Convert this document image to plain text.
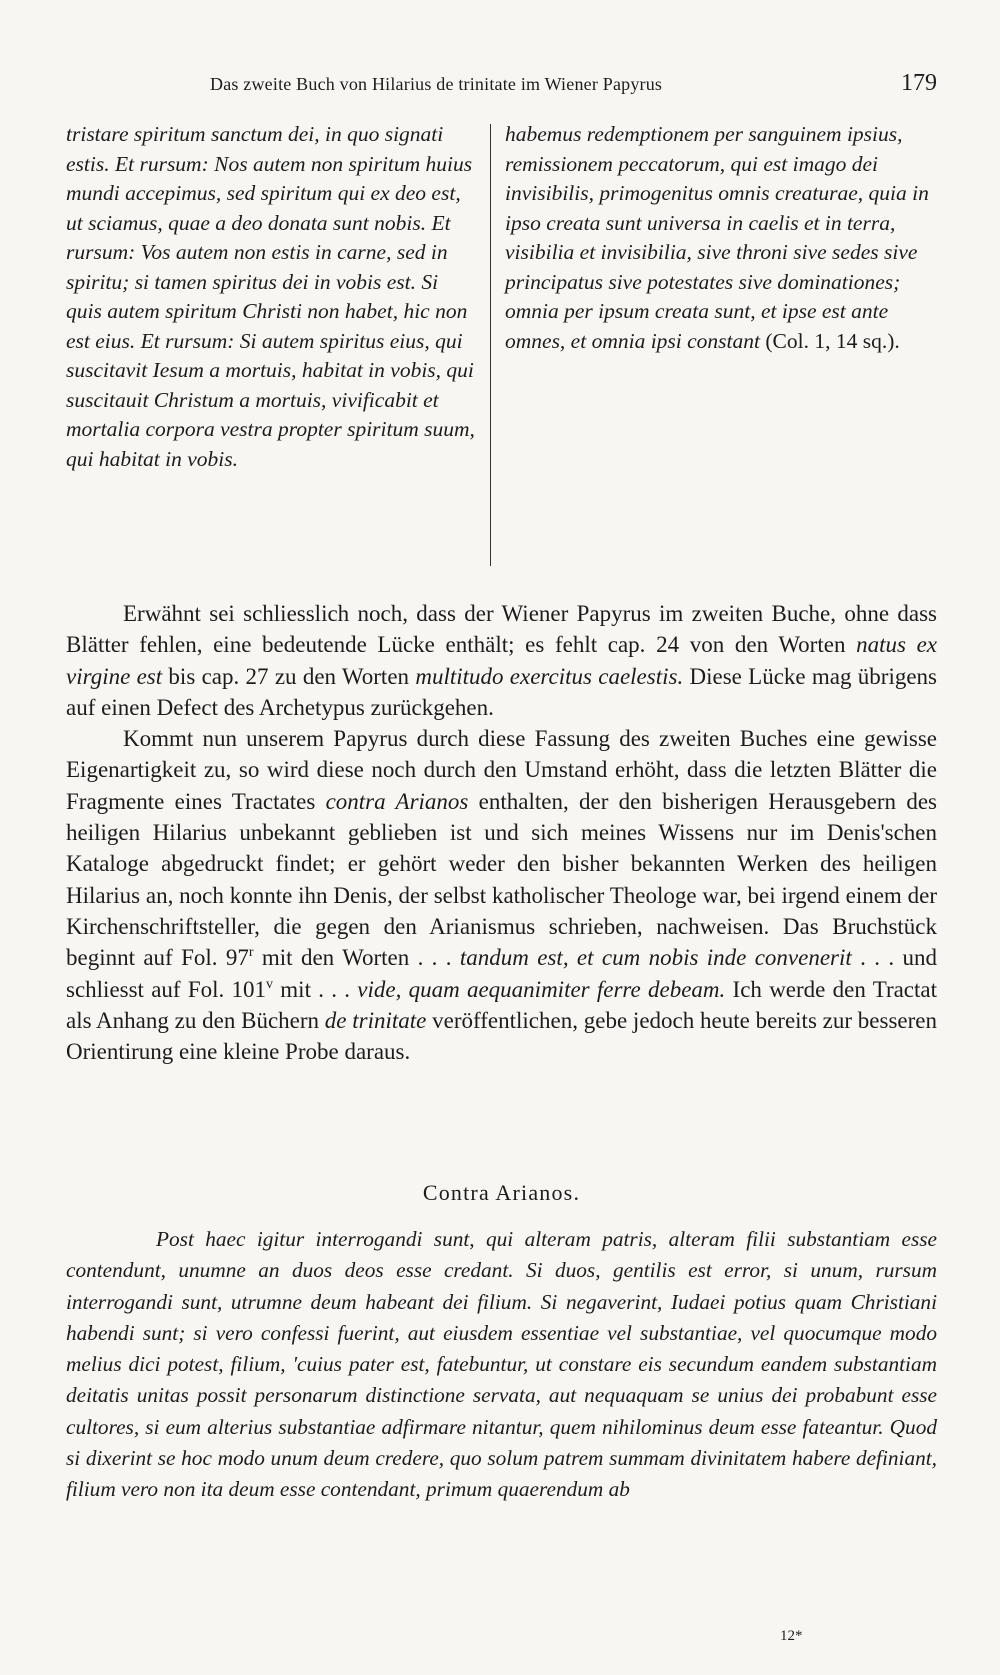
Das zweite Buch von Hilarius de trinitate im Wiener Papyrus	179

tristare spiritum sanctum dei, in quo signati estis. Et rursum: Nos autem non spiritum huius mundi accepimus, sed spiritum qui ex deo est, ut sciamus, quae a deo donata sunt nobis. Et rursum: Vos autem non estis in carne, sed in spiritu; si tamen spiritus dei in vobis est. Si quis autem spiritum Christi non habet, hic non est eius. Et rursum: Si autem spiritus eius, qui suscitavit Iesum a mortuis, habitat in vobis, qui suscitauit Christum a mortuis, vivificabit et mortalia corpora vestra propter spiritum suum, qui habitat in vobis.

habemus redemptionem per sanguinem ipsius, remissionem peccatorum, qui est imago dei invisibilis, primogenitus omnis creaturae, quia in ipso creata sunt universa in caelis et in terra, visibilia et invisibilia, sive throni sive sedes sive principatus sive potestates sive dominationes; omnia per ipsum creata sunt, et ipse est ante omnes, et omnia ipsi constant (Col. 1, 14 sq.).

Erwähnt sei schliesslich noch, dass der Wiener Papyrus im zweiten Buche, ohne dass Blätter fehlen, eine bedeutende Lücke enthält; es fehlt cap. 24 von den Worten natus ex virgine est bis cap. 27 zu den Worten multitudo exercitus caelestis. Diese Lücke mag übrigens auf einen Defect des Archetypus zurückgehen.

Kommt nun unserem Papyrus durch diese Fassung des zweiten Buches eine gewisse Eigenartigkeit zu, so wird diese noch durch den Umstand erhöht, dass die letzten Blätter die Fragmente eines Tractates contra Arianos enthalten, der den bisherigen Herausgebern des heiligen Hilarius unbekannt geblieben ist und sich meines Wissens nur im Denis'schen Kataloge abgedruckt findet; er gehört weder den bisher bekannten Werken des heiligen Hilarius an, noch konnte ihn Denis, der selbst katholischer Theologe war, bei irgend einem der Kirchenschriftsteller, die gegen den Arianismus schrieben, nachweisen. Das Bruchstück beginnt auf Fol. 97$^r$ mit den Worten . . . tandum est, et cum nobis inde convenerit . . . und schliesst auf Fol. 101$^v$ mit . . . vide, quam aequanimiter ferre debeam. Ich werde den Tractat als Anhang zu den Büchern de trinitate veröffentlichen, gebe jedoch heute bereits zur besseren Orientirung eine kleine Probe daraus.

Contra Arianos.

Post haec igitur interrogandi sunt, qui alteram patris, alteram filii substantiam esse contendunt, unumne an duos deos esse credant. Si duos, gentilis est error, si unum, rursum interrogandi sunt, utrumne deum habeant dei filium. Si negaverint, Iudaei potius quam Christiani habendi sunt; si vero confessi fuerint, aut eiusdem essentiae vel substantiae, vel quocumque modo melius dici potest, filium, 'cuius pater est, fatebuntur, ut constare eis secundum eandem substantiam deitatis unitas possit personarum distinctione servata, aut nequaquam se unius dei probabunt esse cultores, si eum alterius substantiae adfirmare nitantur, quem nihilominus deum esse fateantur. Quod si dixerint se hoc modo unum deum credere, quo solum patrem summam divinitatem habere definiant, filium vero non ita deum esse contendant, primum quaerendum ab

12*
